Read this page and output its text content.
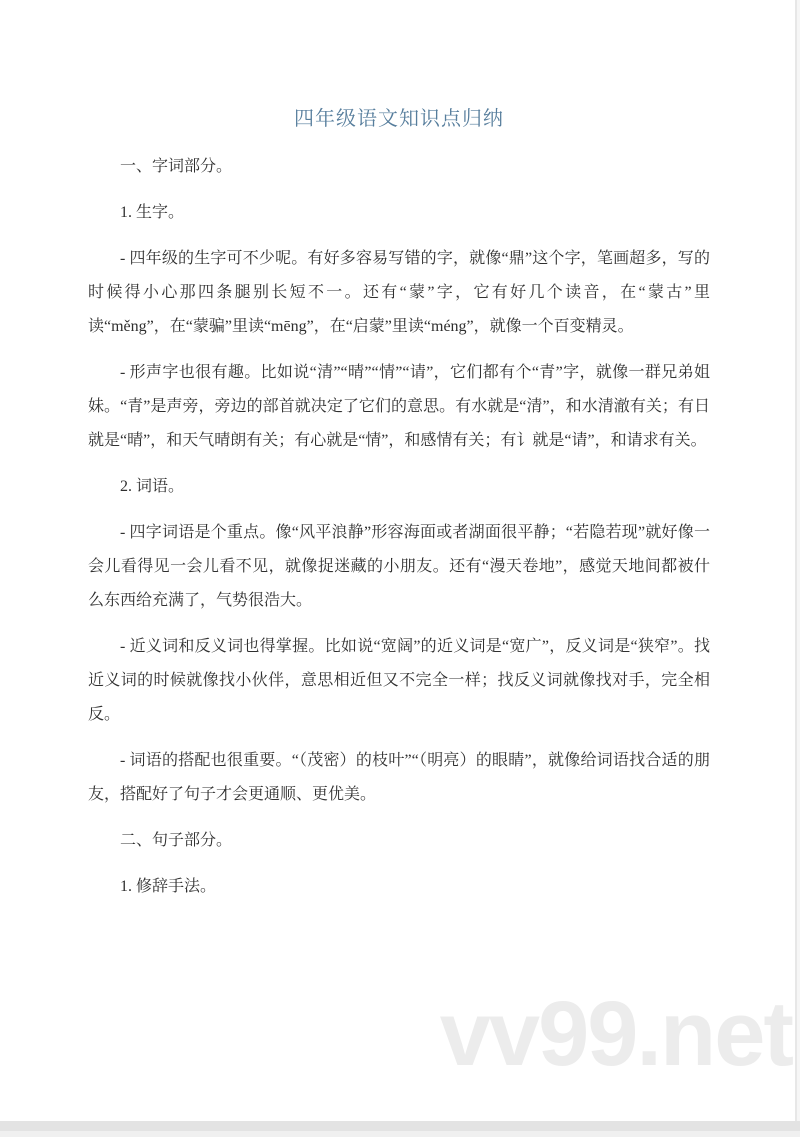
四年级语文知识点归纳

一、字词部分。

1. 生字。

- 四年级的生字可不少呢。有好多容易写错的字，就像“鼎”这个字，笔画超多，写的时候得小心那四条腿别长短不一。还有“蒙”字，它有好几个读音，在“蒙古”里读“měng”，在“蒙骗”里读“mēng”，在“启蒙”里读“méng”，就像一个百变精灵。

- 形声字也很有趣。比如说“清”“晴”“情”“请”，它们都有个“青”字，就像一群兄弟姐妹。“青”是声旁，旁边的部首就决定了它们的意思。有水就是“清”，和水清澈有关；有日就是“晴”，和天气晴朗有关；有心就是“情”，和感情有关；有讠就是“请”，和请求有关。

2. 词语。

- 四字词语是个重点。像“风平浪静”形容海面或者湖面很平静；“若隐若现”就好像一会儿看得见一会儿看不见，就像捉迷藏的小朋友。还有“漫天卷地”，感觉天地间都被什么东西给充满了，气势很浩大。

- 近义词和反义词也得掌握。比如说“宽阔”的近义词是“宽广”，反义词是“狭窄”。找近义词的时候就像找小伙伴，意思相近但又不完全一样；找反义词就像找对手，完全相反。

- 词语的搭配也很重要。“（茂密）的枝叶”“（明亮）的眼睛”，就像给词语找合适的朋友，搭配好了句子才会更通顺、更优美。

二、句子部分。

1. 修辞手法。

vv99.net
